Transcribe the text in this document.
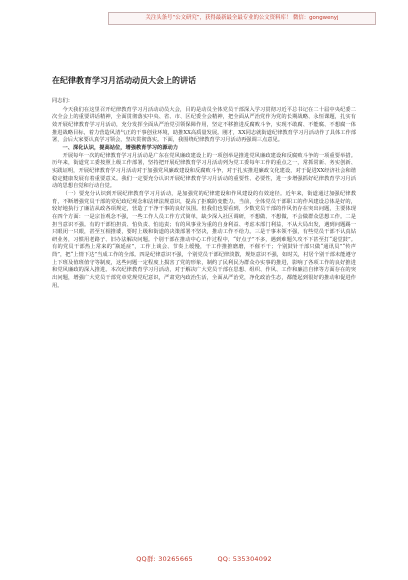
关注头条号“公文研究”，获得最新最全最专业的公文资料库！ 微信：gongwenyj
在纪律教育学习月活动动员大会上的讲话

同志们：

今天我们在这里召开纪律教育学习月活动动员大会，目的是动员全体党员干部深入学习贯彻习近平总书记在二十届中央纪委二次全会上的重要讲话精神，全面贯彻落实中央、省、市、区纪委全会精神，把全面从严治党作为党的长期战略、永恒课题，扎实有效开展纪律教育学习月活动，充分发挥全面从严治党引领保障作用，坚定不移推进反腐败斗争，实现不敢腐、不能腐、不想腐一体推进战略目标，着力营造风清气正的干事创业环境，助推XX高质量发展。刚才，XX同志就街道纪律教育学习月活动作了具体工作部署，会后大家要认真学习领会，坚决贯彻落实。下面，我围绕纪律教育学习月活动再强调三点意见。

一、深化认识，提高站位，增强教育学习的源动力

开展每年一次的纪律教育学习月活动是广东在党风廉政建设上的一项创举是推进党风廉政建设和反腐败斗争的一项重要举措。历年来，街道党工委按照上级工作部署，坚持把开展纪律教育学习月活动列为党工委每年工作的重点之一，常抓常新、务实创新、实践证明，开展纪律教育学习月活动对于加强党风廉政建设和反腐败斗争，对于扎实推进廉政文化建设，对于促进XX经济社会和谐稳定健康发展有着重要意义。我们一定要充分认识开展纪律教育学习月活动的重要性、必要性，进一步增强抓好纪律教育学习月活动的思想自觉和行动自觉。

（一）要充分认识到开展纪律教育学习月活动，是加强党的纪律建设和作风建设的有效途径。近年来，街道通过加强纪律教育，不断增强党员干部的党纪政纪观念和法律法规意识，提高了拒腐防变能力。当前，全体党员干部职工的作风建设总体是好的，较好地执行了廉洁从政各项规定，营造了干净干事的良好氛围。但我们也要看到，少数党员干部的作风仍存在突出问题，主要体现在四个方面：一是宗旨观念不强，一些工作人员工作方式简单，缺少深入社区调研，不想做、不想做，不会做群众思想工作。二是担当意识不强。有的干部怕担责、怕负责、怕追责；有的风事业为重的自身利益、考虑本部门利益，不从大局出发，遇到问题踢一只眼闭一只眼，甚至互相推诿，要时上级和街道的决策部署不坚决，推动工作不给力。三是干事本领不强，有些党员干部不认真钻研业务，习惯用老路子、旧办法解决问题。个别干部在推动中心工作过程中，“好点子”不多，遇到难题久攻不下甚至打“退堂鼓”。有的党员干部热上常来的“瓶延症”，工作上谈会、节奏上缓慢，干工作推推磨磨，不催不干；个别鼓针干部只做“通讯员”“传声筒”，把“上情下达”当成工作的全部。四是纪律意识不强，个别党员干部纪律淡散，规矩意识不强，如时关，村居个别干部未能遵守上下班及值班值守等制度，这些问题一定程度上损害了党的形象，制约了民利民为群众办实事的推进，影响了各项工作的良好推进和党风廉政的深入推进。本次纪律教育学习月活动，对于解决广大党员干部在思想、组织、作风、工作和廉洁自律等方面存在的突出问题，增强广大党员干部党章党规党纪意识，严肃党内政治生活，全面从严治党，净化政治生态，都能起到很好的推动和促进作用。

QQ群: 30265665	QQ: 535304092
